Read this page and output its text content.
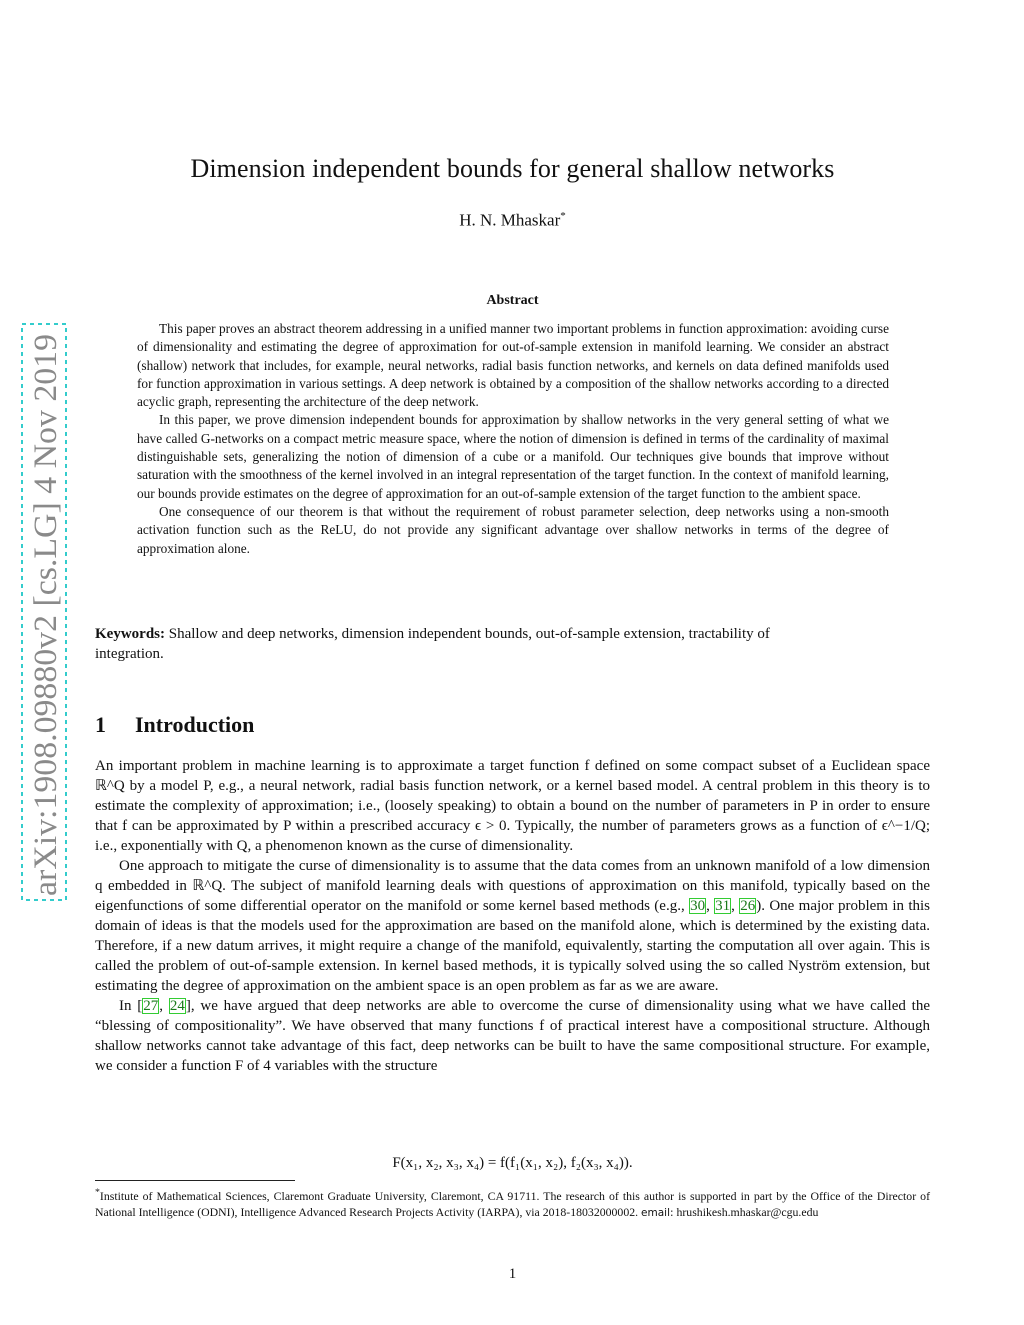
arXiv:1908.09880v2 [cs.LG] 4 Nov 2019
Dimension independent bounds for general shallow networks
H. N. Mhaskar*
Abstract

This paper proves an abstract theorem addressing in a unified manner two important problems in function approximation: avoiding curse of dimensionality and estimating the degree of approximation for out-of-sample extension in manifold learning. We consider an abstract (shallow) network that includes, for example, neural networks, radial basis function networks, and kernels on data defined manifolds used for function approximation in various settings. A deep network is obtained by a composition of the shallow networks according to a directed acyclic graph, representing the architecture of the deep network.

In this paper, we prove dimension independent bounds for approximation by shallow networks in the very general setting of what we have called G-networks on a compact metric measure space, where the notion of dimension is defined in terms of the cardinality of maximal distinguishable sets, generalizing the notion of dimension of a cube or a manifold. Our techniques give bounds that improve without saturation with the smoothness of the kernel involved in an integral representation of the target function. In the context of manifold learning, our bounds provide estimates on the degree of approximation for an out-of-sample extension of the target function to the ambient space.

One consequence of our theorem is that without the requirement of robust parameter selection, deep networks using a non-smooth activation function such as the ReLU, do not provide any significant advantage over shallow networks in terms of the degree of approximation alone.

Keywords: Shallow and deep networks, dimension independent bounds, out-of-sample extension, tractability of integration.
1 Introduction

An important problem in machine learning is to approximate a target function f defined on some compact subset of a Euclidean space ℝ^Q by a model P, e.g., a neural network, radial basis function network, or a kernel based model. A central problem in this theory is to estimate the complexity of approximation; i.e., (loosely speaking) to obtain a bound on the number of parameters in P in order to ensure that f can be approximated by P within a prescribed accuracy ϵ > 0. Typically, the number of parameters grows as a function of ϵ^−1/Q; i.e., exponentially with Q, a phenomenon known as the curse of dimensionality.

One approach to mitigate the curse of dimensionality is to assume that the data comes from an unknown manifold of a low dimension q embedded in ℝ^Q. The subject of manifold learning deals with questions of approximation on this manifold, typically based on the eigenfunctions of some differential operator on the manifold or some kernel based methods (e.g., 30, 31, 26). One major problem in this domain of ideas is that the models used for the approximation are based on the manifold alone, which is determined by the existing data. Therefore, if a new datum arrives, it might require a change of the manifold, equivalently, starting the computation all over again. This is called the problem of out-of-sample extension. In kernel based methods, it is typically solved using the so called Nyström extension, but estimating the degree of approximation on the ambient space is an open problem as far as we are aware.

In [27, 24], we have argued that deep networks are able to overcome the curse of dimensionality using what we have called the “blessing of compositionality”. We have observed that many functions f of practical interest have a compositional structure. Although shallow networks cannot take advantage of this fact, deep networks can be built to have the same compositional structure. For example, we consider a function F of 4 variables with the structure

F(x₁, x₂, x₃, x₄) = f(f₁(x₁, x₂), f₂(x₃, x₄)).
*Institute of Mathematical Sciences, Claremont Graduate University, Claremont, CA 91711. The research of this author is supported in part by the Office of the Director of National Intelligence (ODNI), Intelligence Advanced Research Projects Activity (IARPA), via 2018-18032000002. email: hrushikesh.mhaskar@cgu.edu
1
